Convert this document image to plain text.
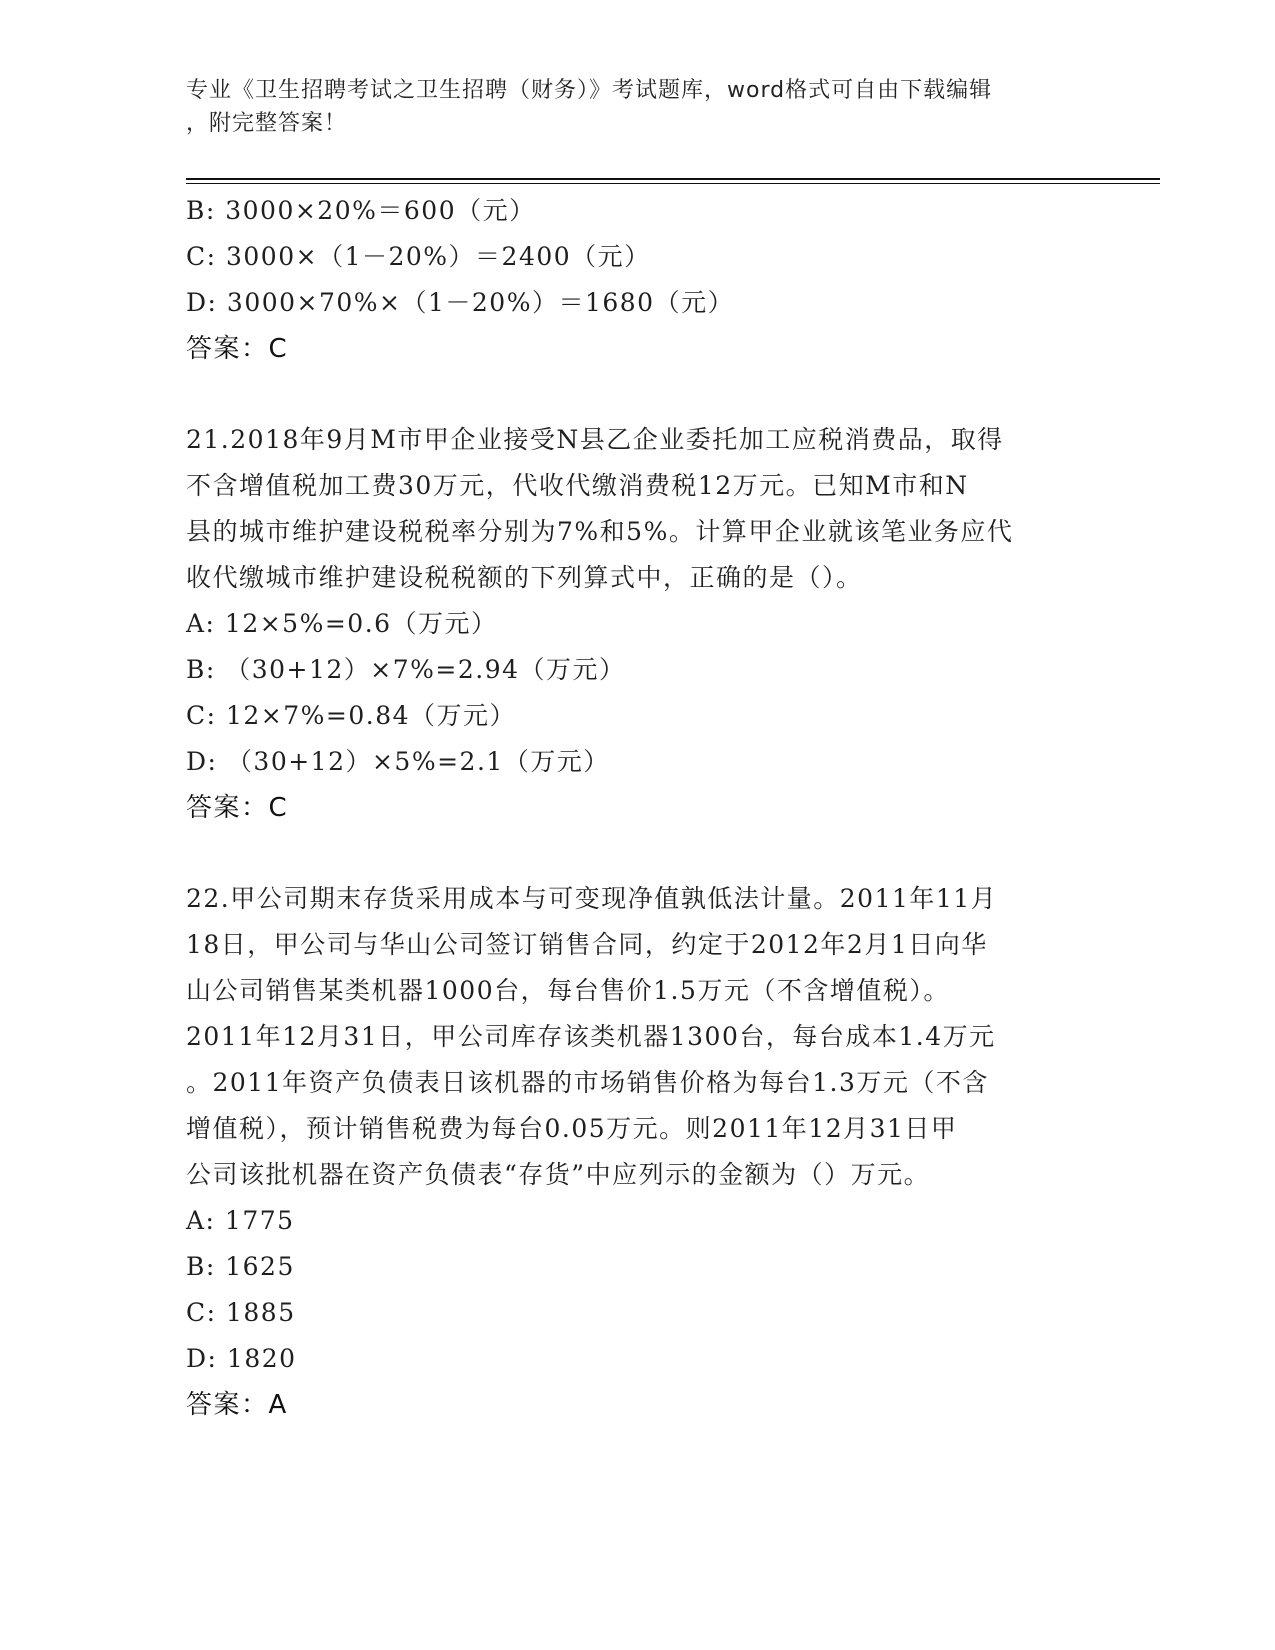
专业《卫生招聘考试之卫生招聘（财务）》考试题库，word格式可自由下载编辑
，附完整答案！
B: 3000×20%＝600（元）
C: 3000×（1－20%）＝2400（元）
D: 3000×70%×（1－20%）＝1680（元）
答案：C
21.2018年9月M市甲企业接受N县乙企业委托加工应税消费品，取得
不含增值税加工费30万元，代收代缴消费税12万元。已知M市和N
县的城市维护建设税税率分别为7%和5%。计算甲企业就该笔业务应代
收代缴城市维护建设税税额的下列算式中，正确的是（）。
A: 12×5%=0.6（万元）
B: （30+12）×7%=2.94（万元）
C: 12×7%=0.84（万元）
D: （30+12）×5%=2.1（万元）
答案：C
22.甲公司期末存货采用成本与可变现净值孰低法计量。2011年11月
18日，甲公司与华山公司签订销售合同，约定于2012年2月1日向华
山公司销售某类机器1000台，每台售价1.5万元（不含增值税）。
2011年12月31日，甲公司库存该类机器1300台，每台成本1.4万元
。2011年资产负债表日该机器的市场销售价格为每台1.3万元（不含
增值税），预计销售税费为每台0.05万元。则2011年12月31日甲
公司该批机器在资产负债表“存货”中应列示的金额为（）万元。
A: 1775
B: 1625
C: 1885
D: 1820
答案：A
